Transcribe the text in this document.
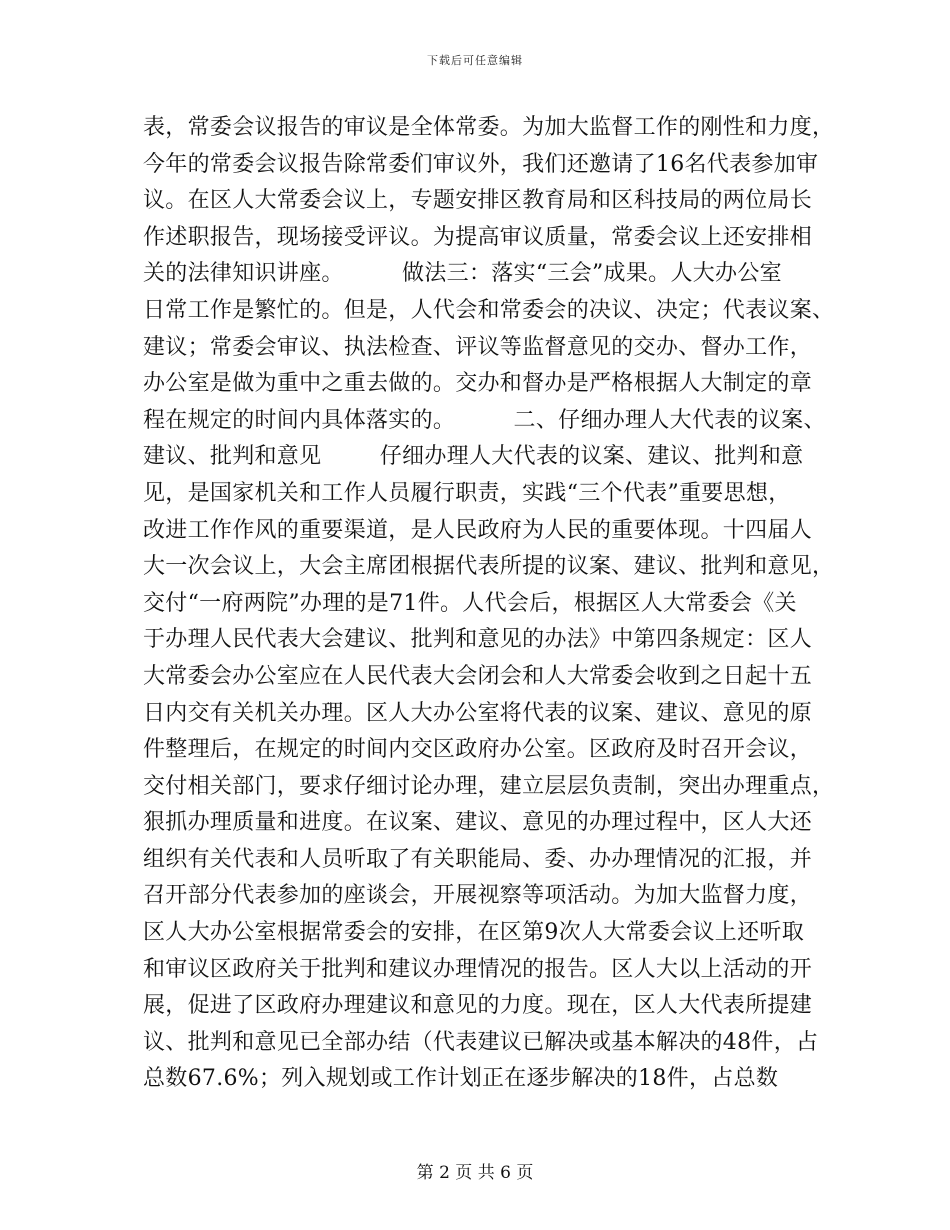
下载后可任意编辑
表，常委会议报告的审议是全体常委。为加大监督工作的刚性和力度，
今年的常委会议报告除常委们审议外，我们还邀请了16名代表参加审
议。在区人大常委会议上，专题安排区教育局和区科技局的两位局长
作述职报告，现场接受评议。为提高审议质量，常委会议上还安排相
关的法律知识讲座。        做法三：落实“三会”成果。人大办公室
日常工作是繁忙的。但是，人代会和常委会的决议、决定；代表议案、
建议；常委会审议、执法检查、评议等监督意见的交办、督办工作，
办公室是做为重中之重去做的。交办和督办是严格根据人大制定的章
程在规定的时间内具体落实的。        二、仔细办理人大代表的议案、
建议、批判和意见        仔细办理人大代表的议案、建议、批判和意
见，是国家机关和工作人员履行职责，实践“三个代表”重要思想，
改进工作作风的重要渠道，是人民政府为人民的重要体现。十四届人
大一次会议上，大会主席团根据代表所提的议案、建议、批判和意见，
交付“一府两院”办理的是71件。人代会后，根据区人大常委会《关
于办理人民代表大会建议、批判和意见的办法》中第四条规定：区人
大常委会办公室应在人民代表大会闭会和人大常委会收到之日起十五
日内交有关机关办理。区人大办公室将代表的议案、建议、意见的原
件整理后，在规定的时间内交区政府办公室。区政府及时召开会议，
交付相关部门，要求仔细讨论办理，建立层层负责制，突出办理重点，
狠抓办理质量和进度。在议案、建议、意见的办理过程中，区人大还
组织有关代表和人员听取了有关职能局、委、办办理情况的汇报，并
召开部分代表参加的座谈会，开展视察等项活动。为加大监督力度，
区人大办公室根据常委会的安排，在区第9次人大常委会议上还听取
和审议区政府关于批判和建议办理情况的报告。区人大以上活动的开
展，促进了区政府办理建议和意见的力度。现在，区人大代表所提建
议、批判和意见已全部办结（代表建议已解决或基本解决的48件，占
总数67.6%；列入规划或工作计划正在逐步解决的18件，占总数
第 2 页 共 6 页
